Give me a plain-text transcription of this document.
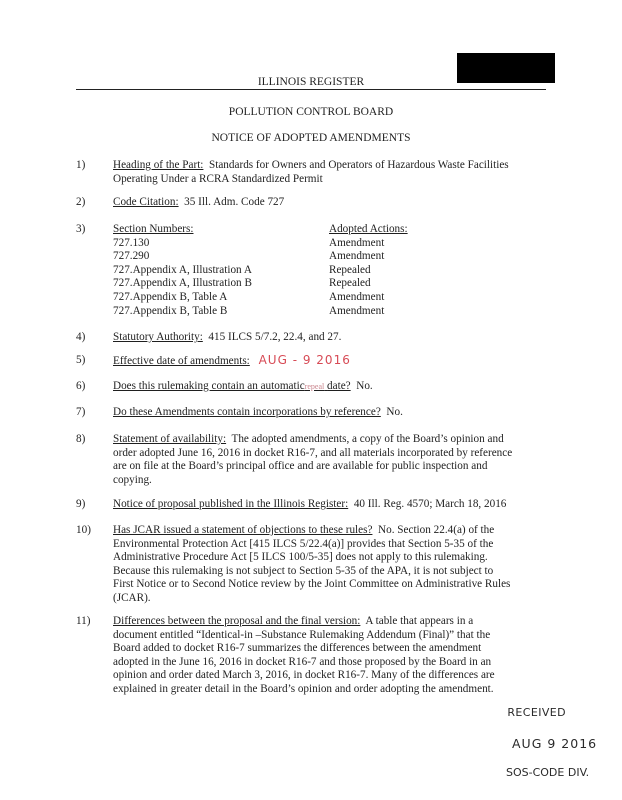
ILLINOIS REGISTER
POLLUTION CONTROL BOARD
NOTICE OF ADOPTED AMENDMENTS
1) Heading of the Part: Standards for Owners and Operators of Hazardous Waste Facilities
Operating Under a RCRA Standardized Permit
2) Code Citation: 35 Ill. Adm. Code 727
3) Section Numbers:
727.130
727.290
727.Appendix A, Illustration A
727.Appendix A, Illustration B
727.Appendix B, Table A
727.Appendix B, Table B
Adopted Actions:
Amendment
Amendment
Repealed
Repealed
Amendment
Amendment
4) Statutory Authority: 415 ILCS 5/7.2, 22.4, and 27.
5) Effective date of amendments: AUG - 9 2016
6) Does this rulemaking contain an automaticrepeal date? No.
7) Do these Amendments contain incorporations by reference? No.
8) Statement of availability: The adopted amendments, a copy of the Board’s opinion and
order adopted June 16, 2016 in docket R16-7, and all materials incorporated by reference
are on file at the Board’s principal office and are available for public inspection and
copying.
9) Notice of proposal published in the Illinois Register: 40 Ill. Reg. 4570; March 18, 2016
10) Has JCAR issued a statement of objections to these rules? No. Section 22.4(a) of the
Environmental Protection Act [415 ILCS 5/22.4(a)] provides that Section 5-35 of the
Administrative Procedure Act [5 ILCS 100/5-35] does not apply to this rulemaking.
Because this rulemaking is not subject to Section 5-35 of the APA, it is not subject to
First Notice or to Second Notice review by the Joint Committee on Administrative Rules
(JCAR).
11) Differences between the proposal and the final version: A table that appears in a
document entitled “Identical-in –Substance Rulemaking Addendum (Final)” that the
Board added to docket R16-7 summarizes the differences between the amendment
adopted in the June 16, 2016 in docket R16-7 and those proposed by the Board in an
opinion and order dated March 3, 2016, in docket R16-7. Many of the differences are
explained in greater detail in the Board’s opinion and order adopting the amendment.
RECEIVED
AUG 9 2016
SOS-CODE DIV.
